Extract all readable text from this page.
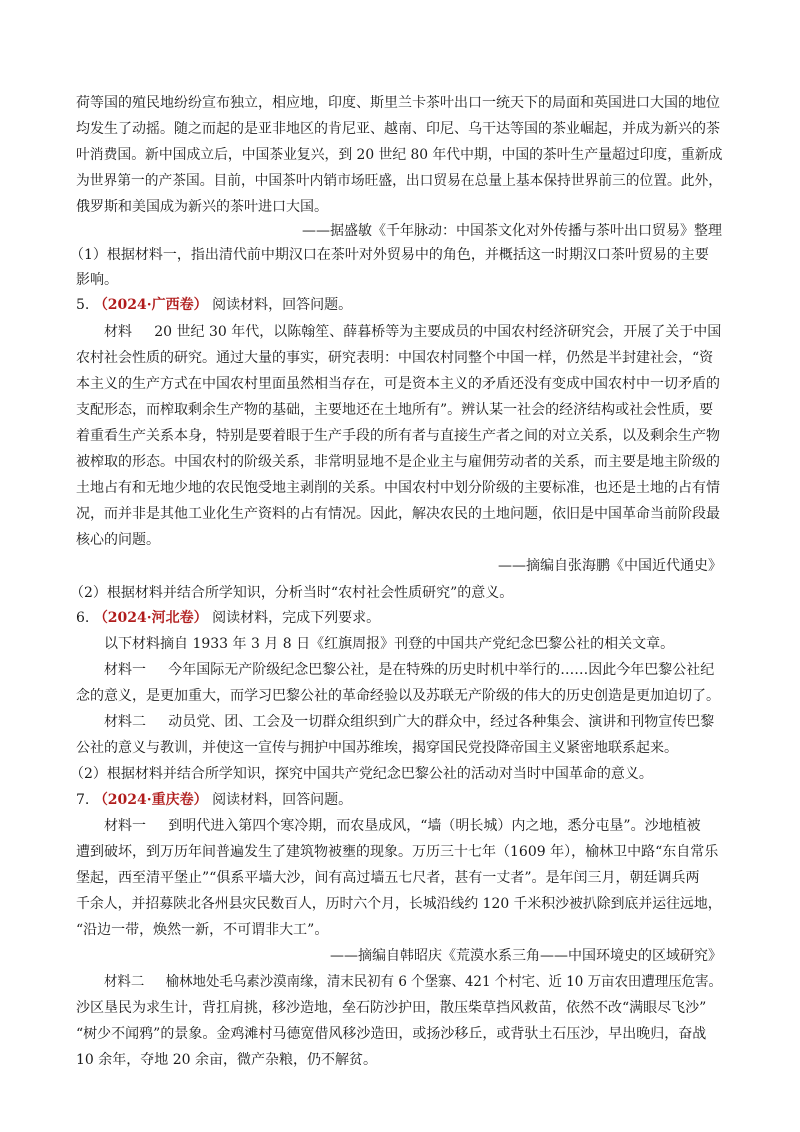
荷等国的殖民地纷纷宣布独立，相应地，印度、斯里兰卡茶叶出口一统天下的局面和英国进口大国的地位
均发生了动摇。随之而起的是亚非地区的肯尼亚、越南、印尼、乌干达等国的茶业崛起，并成为新兴的茶
叶消费国。新中国成立后，中国茶业复兴，到 20 世纪 80 年代中期，中国的茶叶生产量超过印度，重新成
为世界第一的产茶国。目前，中国茶叶内销市场旺盛，出口贸易在总量上基本保持世界前三的位置。此外，
俄罗斯和美国成为新兴的茶叶进口大国。
——据盛敏《千年脉动：中国茶文化对外传播与茶叶出口贸易》整理
（1）根据材料一，指出清代前中期汉口在茶叶对外贸易中的角色，并概括这一时期汉口茶叶贸易的主要
影响。
5. （2024·广西卷） 阅读材料，回答问题。
材料 20 世纪 30 年代，以陈翰笙、薛暮桥等为主要成员的中国农村经济研究会，开展了关于中国
农村社会性质的研究。通过大量的事实，研究表明：中国农村同整个中国一样，仍然是半封建社会，“资
本主义的生产方式在中国农村里面虽然相当存在，可是资本主义的矛盾还没有变成中国农村中一切矛盾的
支配形态，而榨取剩余生产物的基础，主要地还在土地所有”。辨认某一社会的经济结构或社会性质，要
着重看生产关系本身，特别是要着眼于生产手段的所有者与直接生产者之间的对立关系，以及剩余生产物
被榨取的形态。中国农村的阶级关系，非常明显地不是企业主与雇佣劳动者的关系，而主要是地主阶级的
土地占有和无地少地的农民饱受地主剥削的关系。中国农村中划分阶级的主要标准，也还是土地的占有情
况，而并非是其他工业化生产资料的占有情况。因此，解决农民的土地问题，依旧是中国革命当前阶段最
核心的问题。
——摘编自张海鹏《中国近代通史》
（2）根据材料并结合所学知识，分析当时“农村社会性质研究”的意义。
6. （2024·河北卷） 阅读材料，完成下列要求。
以下材料摘自 1933 年 3 月 8 日《红旗周报》刊登的中国共产党纪念巴黎公社的相关文章。
材料一 今年国际无产阶级纪念巴黎公社，是在特殊的历史时机中举行的……因此今年巴黎公社纪
念的意义，是更加重大，而学习巴黎公社的革命经验以及苏联无产阶级的伟大的历史创造是更加迫切了。
材料二 动员党、团、工会及一切群众组织到广大的群众中，经过各种集会、演讲和刊物宣传巴黎
公社的意义与教训，并使这一宣传与拥护中国苏维埃，揭穿国民党投降帝国主义紧密地联系起来。
（2）根据材料并结合所学知识，探究中国共产党纪念巴黎公社的活动对当时中国革命的意义。
7. （2024·重庆卷） 阅读材料，回答问题。
材料一 到明代进入第四个寒冷期，而农垦成风，“墙（明长城）内之地，悉分屯垦”。沙地植被
遭到破坏，到万历年间普遍发生了建筑物被壅的现象。万历三十七年（1609 年），榆林卫中路“东自常乐
堡起，西至清平堡止”“俱系平墙大沙，间有高过墙五七尺者，甚有一丈者”。是年闰三月，朝廷调兵两
千余人，并招募陕北各州县灾民数百人，历时六个月，长城沿线约 120 千米积沙被扒除到底并运往远地，
“沿边一带，焕然一新，不可谓非大工”。
——摘编自韩昭庆《荒漠水系三角——中国环境史的区域研究》
材料二 榆林地处毛乌素沙漠南缘，清末民初有 6 个堡寨、421 个村宅、近 10 万亩农田遭理压危害。
沙区垦民为求生计，背扛肩挑，移沙造地，垒石防沙护田，散压柴草挡风救苗，依然不改“满眼尽飞沙”
“树少不闻鸦”的景象。金鸡滩村马德宽借风移沙造田，或扬沙移丘，或背驮土石压沙，早出晚归，奋战
10 余年，夺地 20 余亩，微产杂粮，仍不解贫。
